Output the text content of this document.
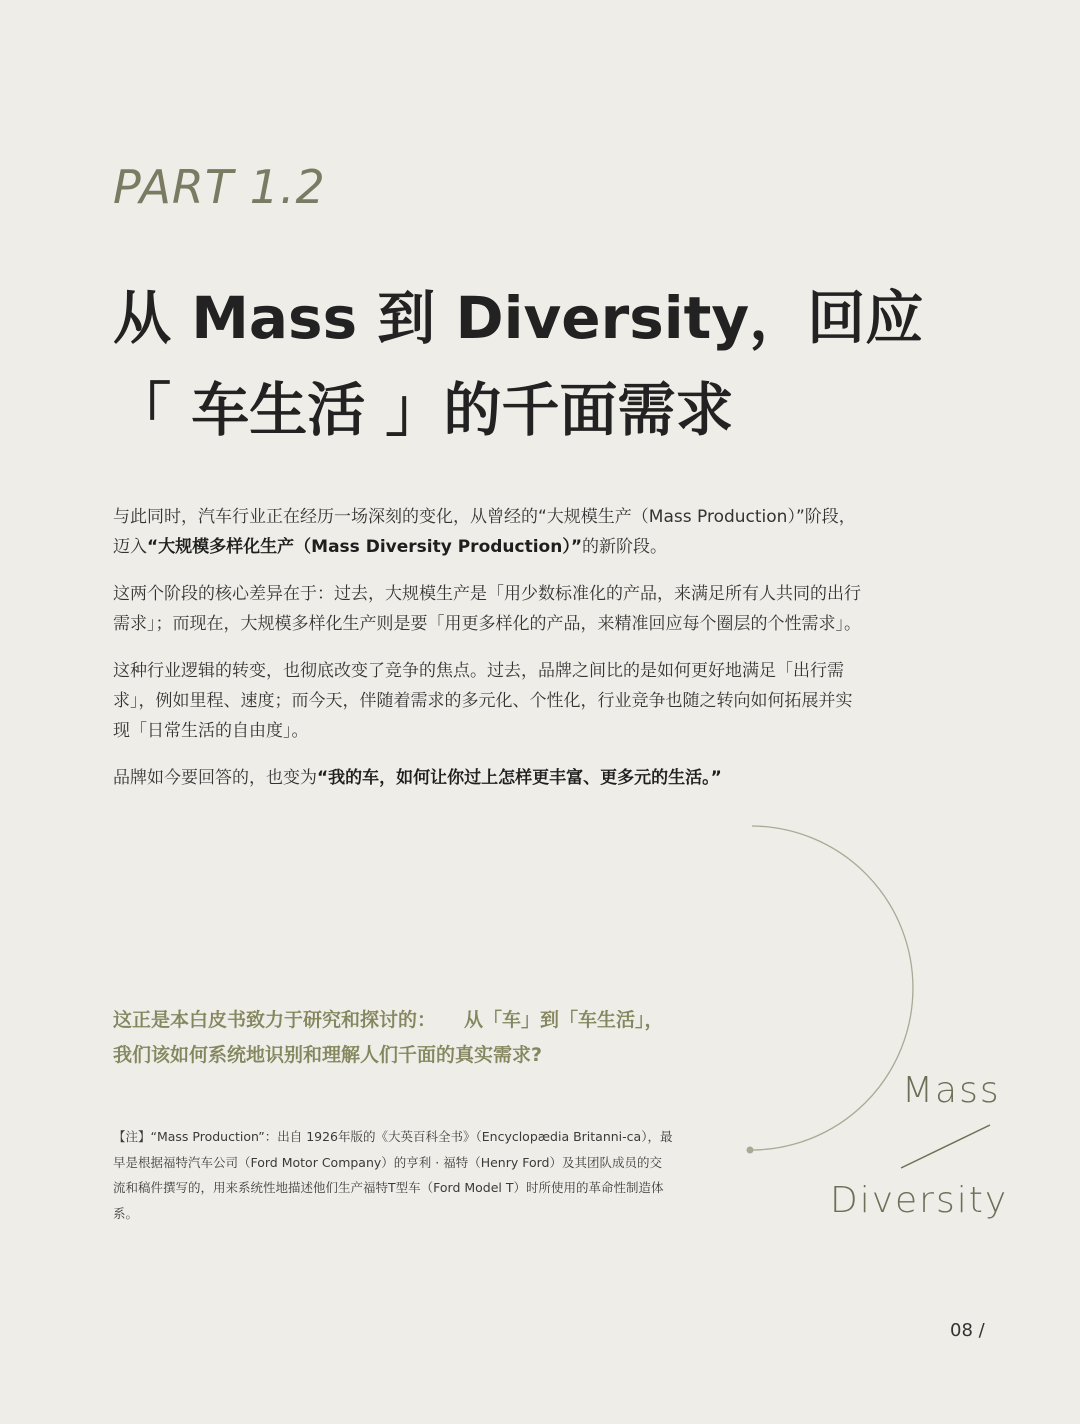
PART 1.2
从 Mass 到 Diversity，回应
「 车生活 」的千面需求

与此同时，汽车行业正在经历一场深刻的变化，从曾经的“大规模生产（Mass Production）”阶段，迈入“大规模多样化生产（Mass Diversity Production）”的新阶段。

这两个阶段的核心差异在于：过去，大规模生产是「用少数标准化的产品，来满足所有人共同的出行需求」；而现在，大规模多样化生产则是要「用更多样化的产品，来精准回应每个圈层的个性需求」。

这种行业逻辑的转变，也彻底改变了竞争的焦点。过去，品牌之间比的是如何更好地满足「出行需求」，例如里程、速度；而今天，伴随着需求的多元化、个性化，行业竞争也随之转向如何拓展并实现「日常生活的自由度」。

品牌如今要回答的，也变为“我的车，如何让你过上怎样更丰富、更多元的生活。”

这正是本白皮书致力于研究和探讨的： 从「车」到「车生活」，
我们该如何系统地识别和理解人们千面的真实需求?
【注】“Mass Production”：出自 1926年版的《大英百科全书》（Encyclopædia Britanni-ca），最早是根据福特汽车公司（Ford Motor Company）的亨利 · 福特（Henry Ford）及其团队成员的交流和稿件撰写的，用来系统性地描述他们生产福特T型车（Ford Model T）时所使用的革命性制造体系。
Mass
Diversity
08 /
